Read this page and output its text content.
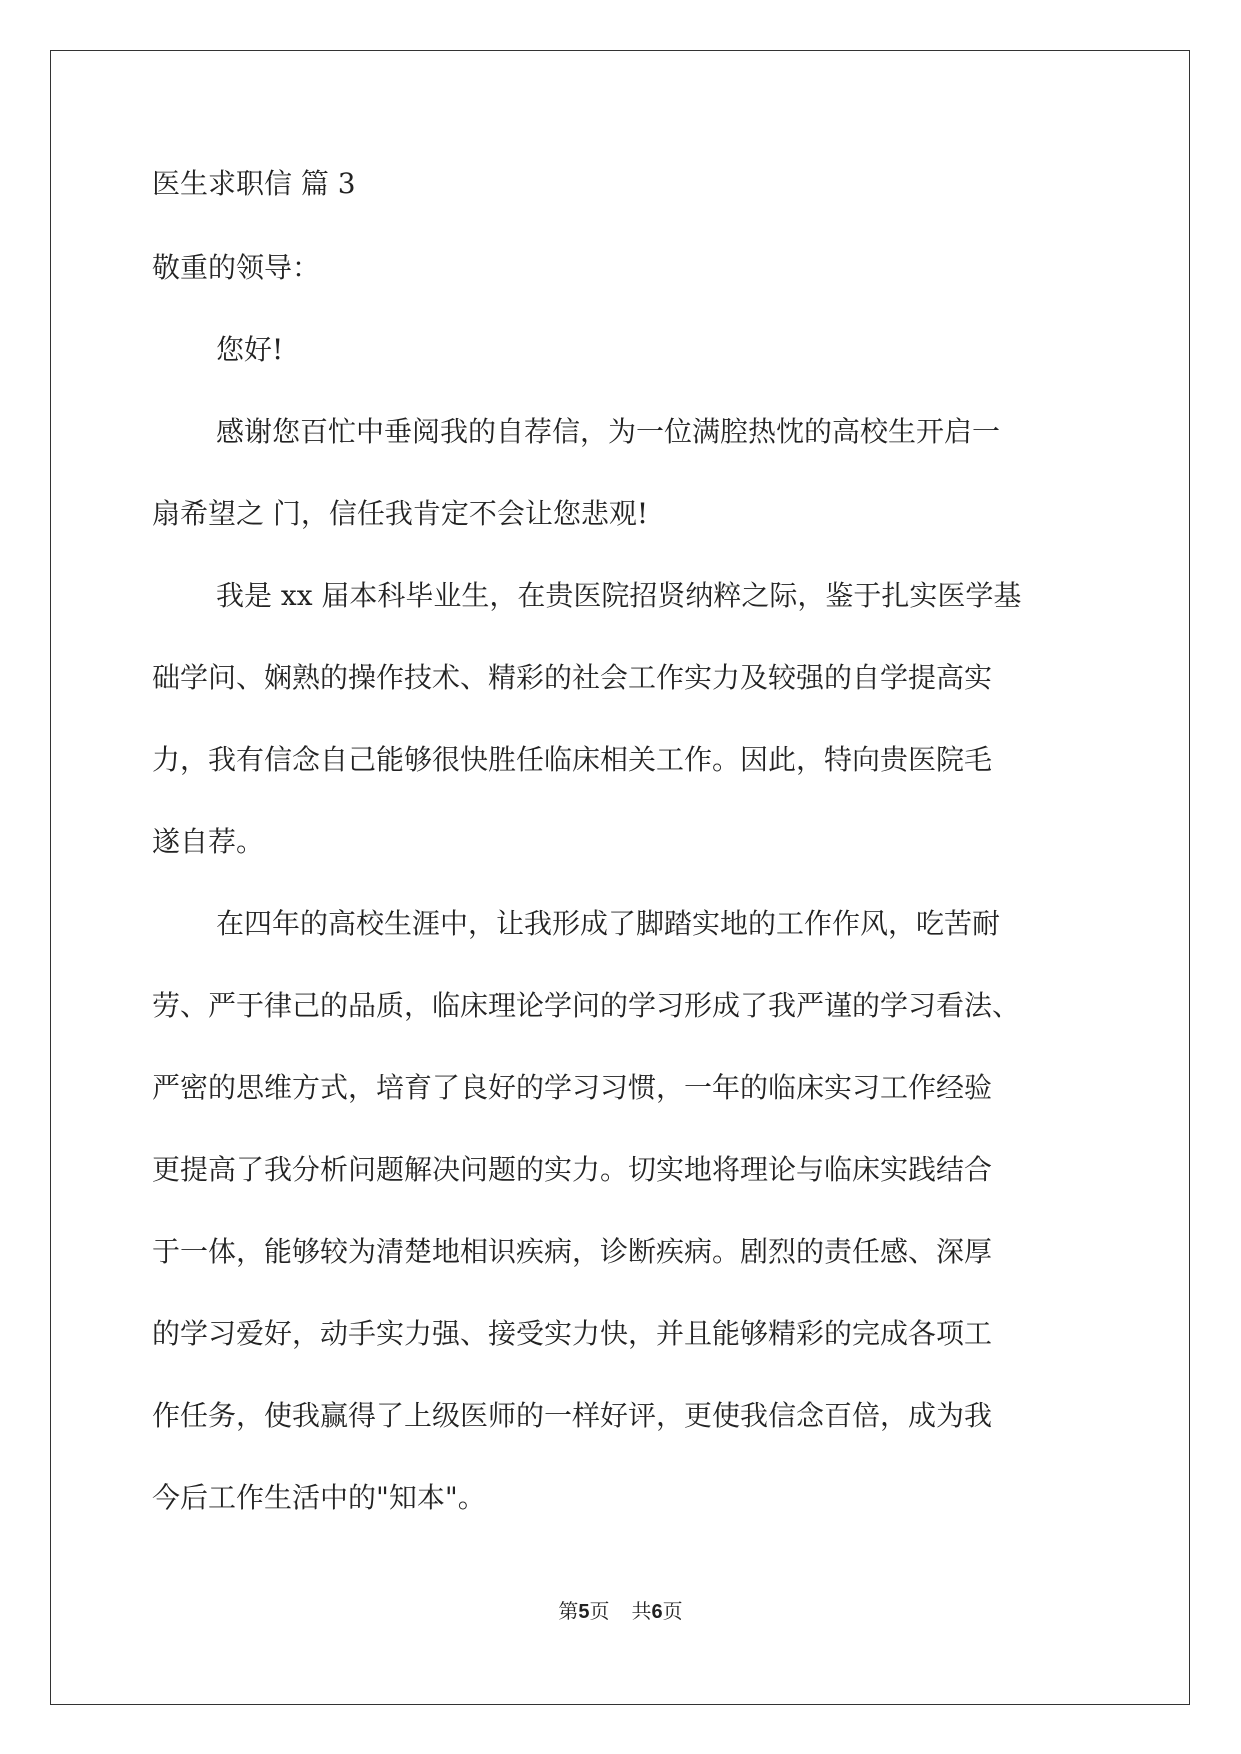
医生求职信 篇 3
敬重的领导：
您好!
感谢您百忙中垂阅我的自荐信，为一位满腔热忱的高校生开启一
扇希望之 门，信任我肯定不会让您悲观!
我是 xx 届本科毕业生，在贵医院招贤纳粹之际，鉴于扎实医学基
础学问、娴熟的操作技术、精彩的社会工作实力及较强的自学提高实
力，我有信念自己能够很快胜任临床相关工作。因此，特向贵医院毛
遂自荐。
在四年的高校生涯中，让我形成了脚踏实地的工作作风，吃苦耐
劳、严于律己的品质，临床理论学问的学习形成了我严谨的学习看法、
严密的思维方式，培育了良好的学习习惯，一年的临床实习工作经验
更提高了我分析问题解决问题的实力。切实地将理论与临床实践结合
于一体，能够较为清楚地相识疾病，诊断疾病。剧烈的责任感、深厚
的学习爱好，动手实力强、接受实力快，并且能够精彩的完成各项工
作任务，使我赢得了上级医师的一样好评，更使我信念百倍，成为我
今后工作生活中的"知本"。
第5页 共6页
